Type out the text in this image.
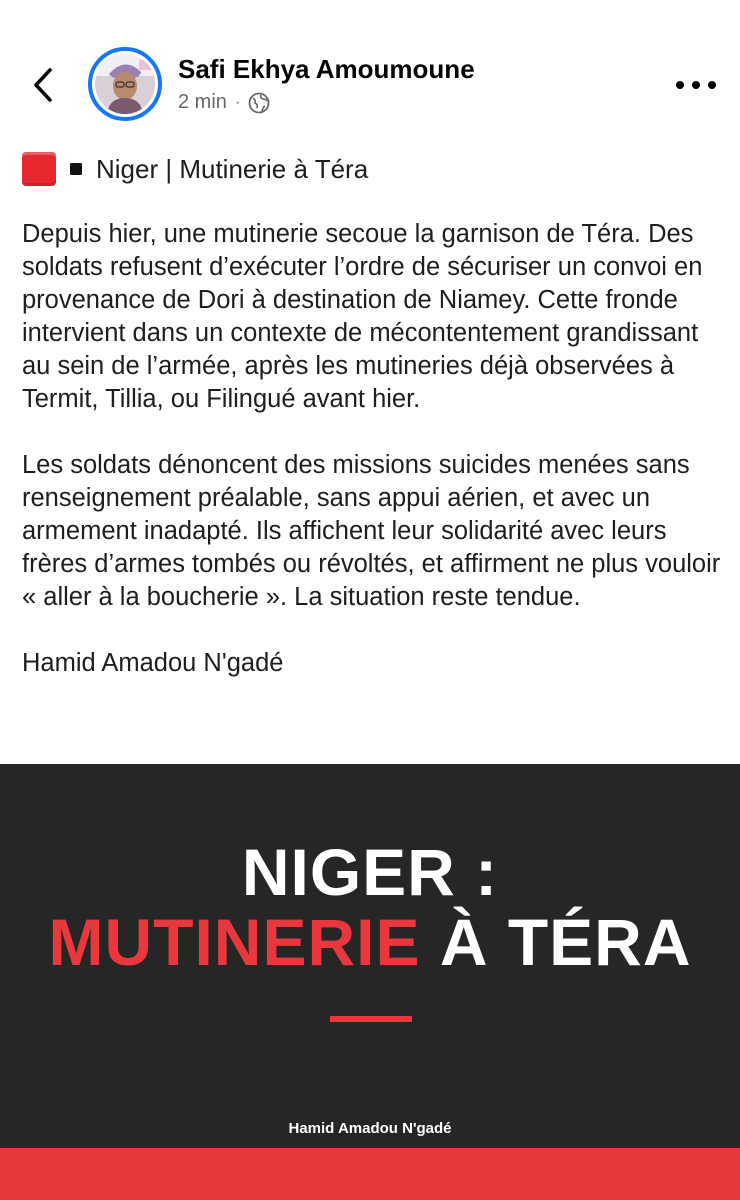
Safi Ekhya Amoumoune
2 min ·
Niger | Mutinerie à Téra

Depuis hier, une mutinerie secoue la garnison de Téra. Des soldats refusent d’exécuter l’ordre de sécuriser un convoi en provenance de Dori à destination de Niamey. Cette fronde intervient dans un contexte de mécontentement grandissant au sein de l’armée, après les mutineries déjà observées à Termit, Tillia, ou Filingué avant hier.

Les soldats dénoncent des missions suicides menées sans renseignement préalable, sans appui aérien, et avec un armement inadapté. Ils affichent leur solidarité avec leurs frères d’armes tombés ou révoltés, et affirment ne plus vouloir « aller à la boucherie ». La situation reste tendue.

Hamid Amadou N'gadé

NIGER :
MUTINERIE À TÉRA
Hamid Amadou N'gadé
